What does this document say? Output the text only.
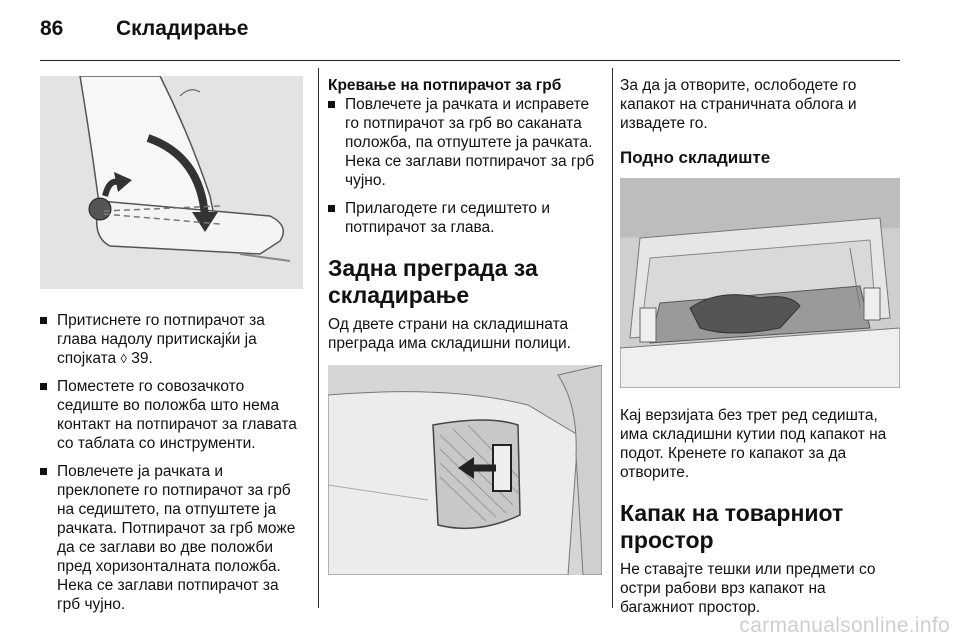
86	Складирање
Притиснете го потпирачот за глава надолу притискајќи ја спојката ◊ 39.
Поместете го совозачкото седиште во положба што нема контакт на потпирачот за главата со таблата со инструменти.
Повлечете ја рачката и преклопете го потпирачот за грб на седиштето, па отпуштете ја рачката. Потпирачот за грб може да се заглави во две положби пред хоризонталната положба. Нека се заглави потпирачот за грб чујно.
Кревање на потпирачот за грб
Повлечете ја рачката и исправете го потпирачот за грб во саканата положба, па отпуштете ја рачката. Нека се заглави потпирачот за грб чујно.
Прилагодете ги седиштето и потпирачот за глава.
Задна преграда за складирање

Од двете страни на складишната преграда има складишни полици.

За да ја отворите, ослободете го капакот на страничната облога и извадете го.

Подно складиште

Кај верзијата без трет ред седишта, има складишни кутии под капакот на подот. Кренете го капакот за да отворите.

Капак на товарниот простор

Не ставајте тешки или предмети со остри рабови врз капакот на багажниот простор.

carmanualsonline.info
